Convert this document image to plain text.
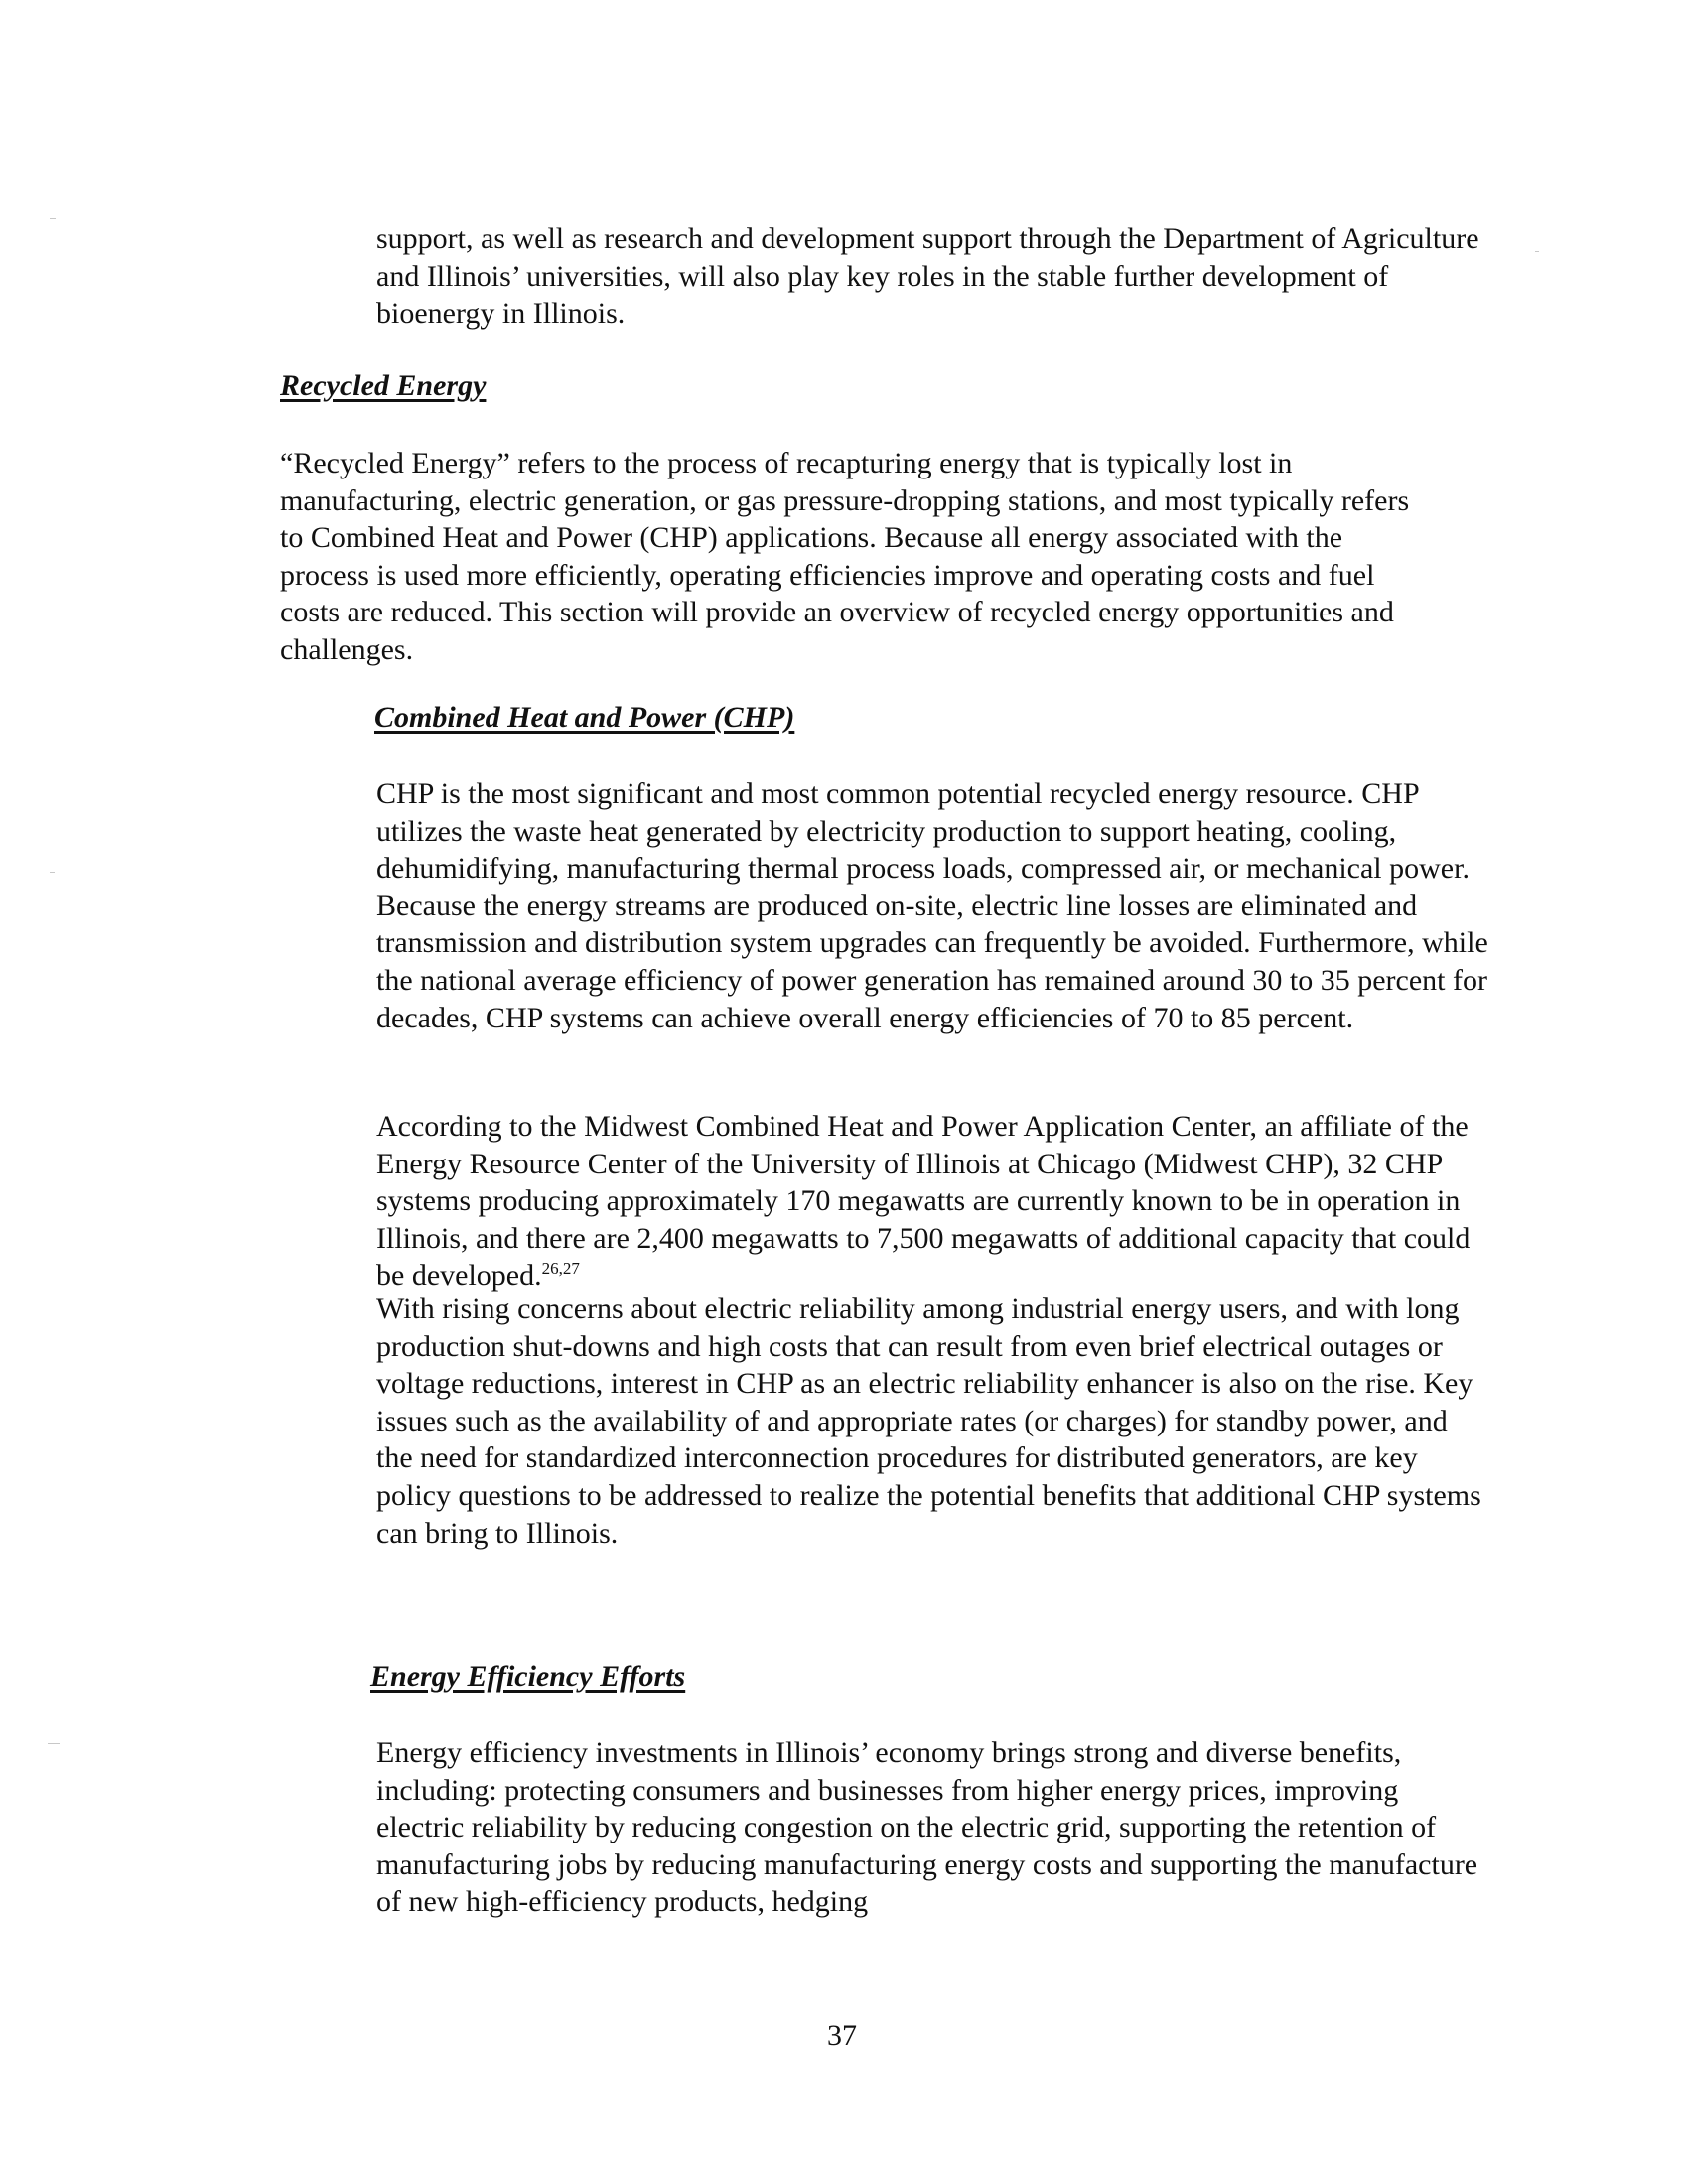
support, as well as research and development support through the Department of Agriculture and Illinois’ universities, will also play key roles in the stable further development of bioenergy in Illinois.

Recycled Energy

“Recycled Energy” refers to the process of recapturing energy that is typically lost in manufacturing, electric generation, or gas pressure-dropping stations, and most typically refers to Combined Heat and Power (CHP) applications. Because all energy associated with the process is used more efficiently, operating efficiencies improve and operating costs and fuel costs are reduced. This section will provide an overview of recycled energy opportunities and challenges.

Combined Heat and Power (CHP)

CHP is the most significant and most common potential recycled energy resource. CHP utilizes the waste heat generated by electricity production to support heating, cooling, dehumidifying, manufacturing thermal process loads, compressed air, or mechanical power. Because the energy streams are produced on-site, electric line losses are eliminated and transmission and distribution system upgrades can frequently be avoided. Furthermore, while the national average efficiency of power generation has remained around 30 to 35 percent for decades, CHP systems can achieve overall energy efficiencies of 70 to 85 percent.

According to the Midwest Combined Heat and Power Application Center, an affiliate of the Energy Resource Center of the University of Illinois at Chicago (Midwest CHP), 32 CHP systems producing approximately 170 megawatts are currently known to be in operation in Illinois, and there are 2,400 megawatts to 7,500 megawatts of additional capacity that could be developed.$^{26,27}$

With rising concerns about electric reliability among industrial energy users, and with long production shut-downs and high costs that can result from even brief electrical outages or voltage reductions, interest in CHP as an electric reliability enhancer is also on the rise. Key issues such as the availability of and appropriate rates (or charges) for standby power, and the need for standardized interconnection procedures for distributed generators, are key policy questions to be addressed to realize the potential benefits that additional CHP systems can bring to Illinois.

Energy Efficiency Efforts

Energy efficiency investments in Illinois’ economy brings strong and diverse benefits, including: protecting consumers and businesses from higher energy prices, improving electric reliability by reducing congestion on the electric grid, supporting the retention of manufacturing jobs by reducing manufacturing energy costs and supporting the manufacture of new high-efficiency products, hedging

37
